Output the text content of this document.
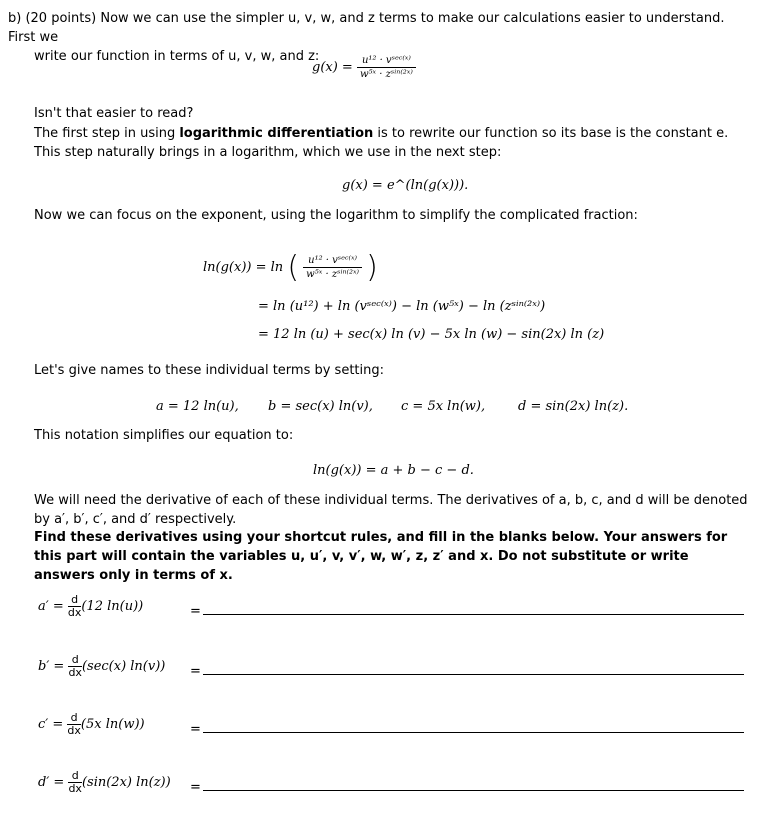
b) (20 points) Now we can use the simpler u, v, w, and z terms to make our calculations easier to understand. First we
write our function in terms of u, v, w, and z:
$g(x) = \frac{\text{u¹² · vˢᵉᶜ⁽ˣ⁾}}{\text{w⁵ˣ · zˢⁱⁿ⁽²ˣ⁾}}$
Isn't that easier to read?
The first step in using logarithmic differentiation is to rewrite our function so its base is the constant e. This step naturally brings in a logarithm, which we use in the next step:
g(x) = e^(ln(g(x))).
Now we can focus on the exponent, using the logarithm to simplify the complicated fraction:
ln(g(x)) = ln ( $\frac{\text{u¹² · vˢᵉᶜ⁽ˣ⁾}}{\text{w⁵ˣ · zˢⁱⁿ⁽²ˣ⁾}}$ )
= ln (u¹²) + ln (vˢᵉᶜ⁽ˣ⁾) − ln (w⁵ˣ) − ln (zˢⁱⁿ⁽²ˣ⁾)
= 12 ln (u) + sec(x) ln (v) − 5x ln (w) − sin(2x) ln (z)
Let's give names to these individual terms by setting:
a = 12 ln(u), b = sec(x) ln(v), c = 5x ln(w),	d = sin(2x) ln(z).
This notation simplifies our equation to:
ln(g(x)) = a + b − c − d.
We will need the derivative of each of these individual terms. The derivatives of a, b, c, and d will be denoted by a′, b′, c′, and d′ respectively.
Find these derivatives using your shortcut rules, and fill in the blanks below. Your answers for this part will contain the variables u, u′, v, v′, w, w′, z, z′ and x. Do not substitute or write answers only in terms of x.
$a' = \frac{d}{dx} (12$ ln(u))	=
$b' = \frac{d}{dx} (\sec(x) \ln(v))$ =
$c' = \frac{d}{dx} (5x$ ln(w))	=
$d' = \frac{d}{dx} (\sin(2x) \ln(z))$ =
